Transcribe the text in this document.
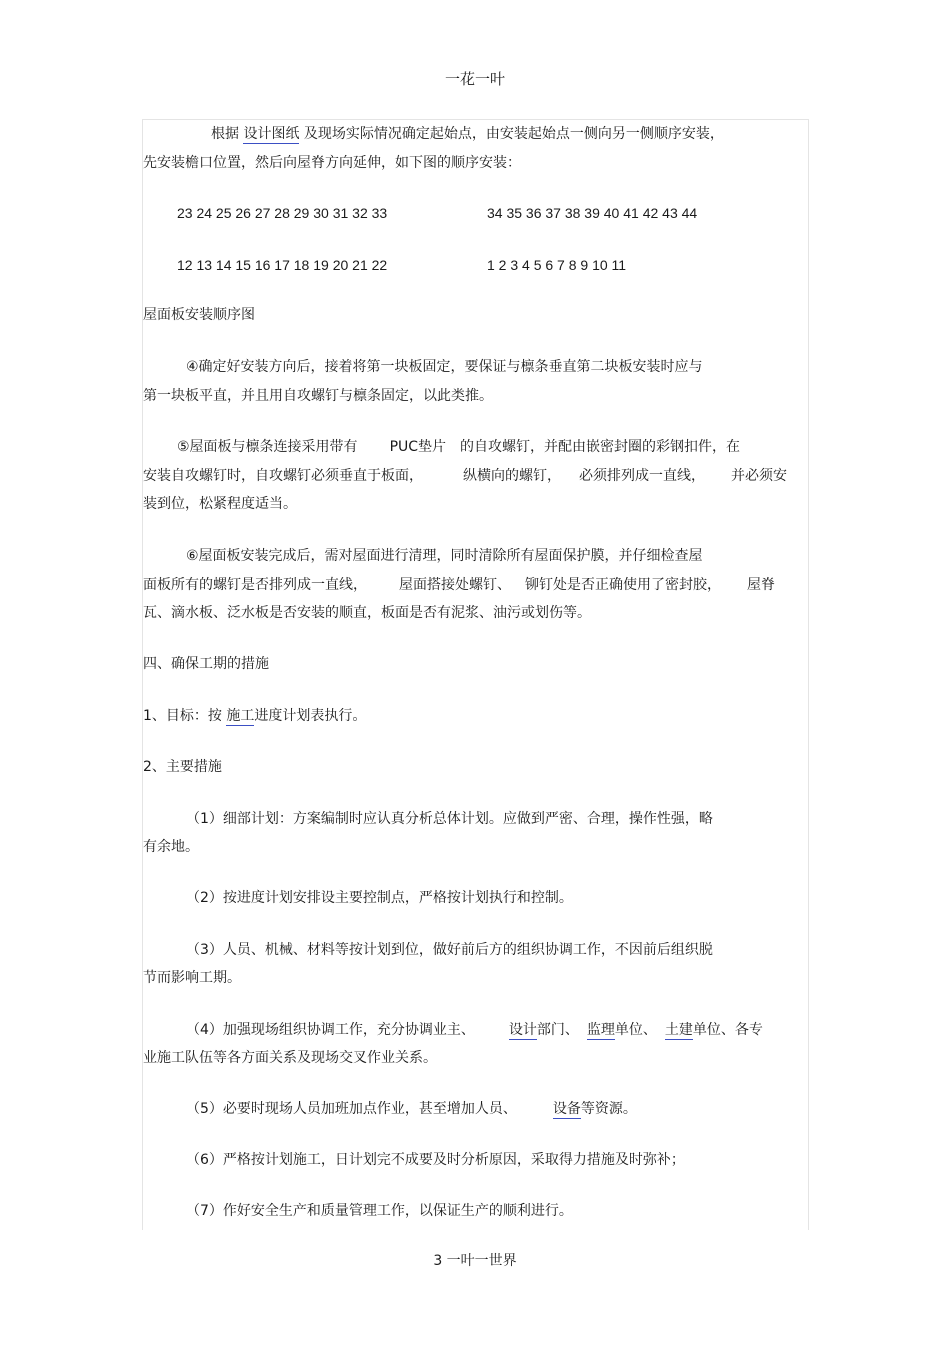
一花一叶
根据 设计图纸 及现场实际情况确定起始点，由安装起始点一侧向另一侧顺序安装，
先安装檐口位置，然后向屋脊方向延伸，如下图的顺序安装：
23 24 25 26 27 28 29 30 31 32 33	34 35 36 37 38 39 40 41 42 43 44
12 13 14 15 16 17 18 19 20 21 22	1 2 3 4 5 6 7 8 9 10 11
屋面板安装顺序图
④确定好安装方向后，接着将第一块板固定，要保证与檩条垂直第二块板安装时应与
第一块板平直，并且用自攻螺钉与檩条固定，以此类推。
⑤屋面板与檩条连接采用带有 PUC垫片 的自攻螺钉，并配由嵌密封圈的彩钢扣件，在
安装自攻螺钉时，自攻螺钉必须垂直于板面，	纵横向的螺钉， 必须排列成一直线， 并必须安
装到位，松紧程度适当。
⑥屋面板安装完成后，需对屋面进行清理，同时清除所有屋面保护膜，并仔细检查屋
面板所有的螺钉是否排列成一直线， 屋面搭接处螺钉、 铆钉处是否正确使用了密封胶， 屋脊
瓦、滴水板、泛水板是否安装的顺直，板面是否有泥浆、油污或划伤等。
四、确保工期的措施
1、目标：按 施工进度计划表执行。
2、主要措施
（1）细部计划：方案编制时应认真分析总体计划。应做到严密、合理，操作性强，略
有余地。
（2）按进度计划安排设主要控制点，严格按计划执行和控制。
（3）人员、机械、材料等按计划到位，做好前后方的组织协调工作，不因前后组织脱
节而影响工期。
（4）加强现场组织协调工作，充分协调业主、 设计部门、 监理单位、 土建单位、各专
业施工队伍等各方面关系及现场交叉作业关系。
（5）必要时现场人员加班加点作业，甚至增加人员、	设备等资源。
（6）严格按计划施工，日计划完不成要及时分析原因，采取得力措施及时弥补；
（7）作好安全生产和质量管理工作，以保证生产的顺利进行。
3 一叶一世界
